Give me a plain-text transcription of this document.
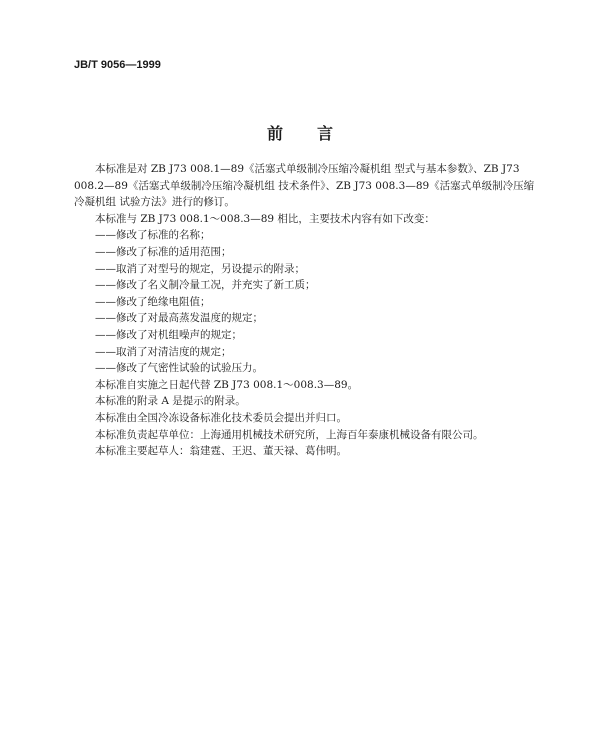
JB/T 9056—1999
前言

本标准是对 ZB J73 008.1—89《活塞式单级制冷压缩冷凝机组 型式与基本参数》、ZB J73 008.2—89《活塞式单级制冷压缩冷凝机组 技术条件》、ZB J73 008.3—89《活塞式单级制冷压缩冷凝机组 试验方法》进行的修订。

本标准与 ZB J73 008.1～008.3—89 相比，主要技术内容有如下改变：

——修改了标准的名称；

——修改了标准的适用范围；

——取消了对型号的规定，另设提示的附录；

——修改了名义制冷量工况，并充实了新工质；

——修改了绝缘电阻值；

——修改了对最高蒸发温度的规定；

——修改了对机组噪声的规定；

——取消了对清洁度的规定；

——修改了气密性试验的试验压力。

本标准自实施之日起代替 ZB J73 008.1～008.3—89。

本标准的附录 A 是提示的附录。

本标准由全国冷冻设备标准化技术委员会提出并归口。

本标准负责起草单位：上海通用机械技术研究所，上海百年泰康机械设备有限公司。

本标准主要起草人：翁建霆、王迟、董天禄、葛伟明。
